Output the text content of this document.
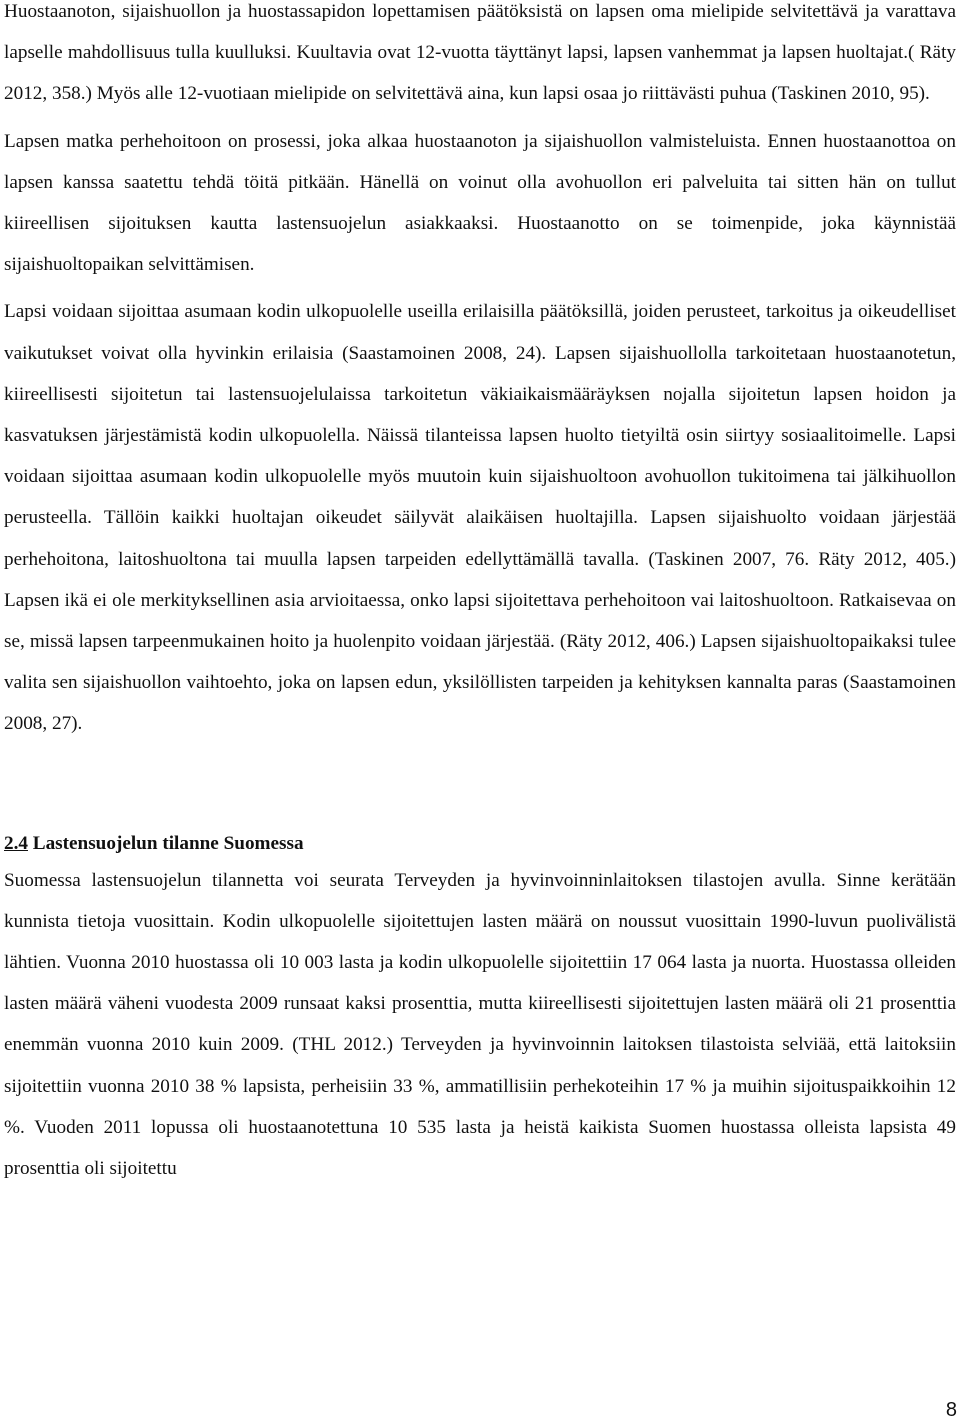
Huostaanoton, sijaishuollon ja huostassapidon lopettamisen päätöksistä on lapsen oma mielipide selvitettävä ja varattava lapselle mahdollisuus tulla kuulluksi. Kuultavia ovat 12-vuotta täyttänyt lapsi, lapsen vanhemmat ja lapsen huoltajat.( Räty 2012, 358.) Myös alle 12-vuotiaan mielipide on selvitettävä aina, kun lapsi osaa jo riittävästi puhua (Taskinen 2010, 95).

Lapsen matka perhehoitoon on prosessi, joka alkaa huostaanoton ja sijaishuollon valmisteluista. Ennen huostaanottoa on lapsen kanssa saatettu tehdä töitä pitkään. Hänellä on voinut olla avohuollon eri palveluita tai sitten hän on tullut kiireellisen sijoituksen kautta lastensuojelun asiakkaaksi. Huostaanotto on se toimenpide, joka käynnistää sijaishuoltopaikan selvittämisen.

Lapsi voidaan sijoittaa asumaan kodin ulkopuolelle useilla erilaisilla päätöksillä, joiden perusteet, tarkoitus ja oikeudelliset vaikutukset voivat olla hyvinkin erilaisia (Saastamoinen 2008, 24). Lapsen sijaishuollolla tarkoitetaan huostaanotetun, kiireellisesti sijoitetun tai lastensuojelulaissa tarkoitetun väkiaikaismääräyksen nojalla sijoitetun lapsen hoidon ja kasvatuksen järjestämistä kodin ulkopuolella. Näissä tilanteissa lapsen huolto tietyiltä osin siirtyy sosiaalitoimelle. Lapsi voidaan sijoittaa asumaan kodin ulkopuolelle myös muutoin kuin sijaishuoltoon avohuollon tukitoimena tai jälkihuollon perusteella. Tällöin kaikki huoltajan oikeudet säilyvät alaikäisen huoltajilla. Lapsen sijaishuolto voidaan järjestää perhehoitona, laitoshuoltona tai muulla lapsen tarpeiden edellyttämällä tavalla. (Taskinen 2007, 76. Räty 2012, 405.) Lapsen ikä ei ole merkityksellinen asia arvioitaessa, onko lapsi sijoitettava perhehoitoon vai laitoshuoltoon. Ratkaisevaa on se, missä lapsen tarpeenmukainen hoito ja huolenpito voidaan järjestää. (Räty 2012, 406.) Lapsen sijaishuoltopaikaksi tulee valita sen sijaishuollon vaihtoehto, joka on lapsen edun, yksilöllisten tarpeiden ja kehityksen kannalta paras (Saastamoinen 2008, 27).

2.4 Lastensuojelun tilanne Suomessa

Suomessa lastensuojelun tilannetta voi seurata Terveyden ja hyvinvoinninlaitoksen tilastojen avulla. Sinne kerätään kunnista tietoja vuosittain. Kodin ulkopuolelle sijoitettujen lasten määrä on noussut vuosittain 1990-luvun puolivälistä lähtien. Vuonna 2010 huostassa oli 10 003 lasta ja kodin ulkopuolelle sijoitettiin 17 064 lasta ja nuorta. Huostassa olleiden lasten määrä väheni vuodesta 2009 runsaat kaksi prosenttia, mutta kiireellisesti sijoitettujen lasten määrä oli 21 prosenttia enemmän vuonna 2010 kuin 2009. (THL 2012.) Terveyden ja hyvinvoinnin laitoksen tilastoista selviää, että laitoksiin sijoitettiin vuonna 2010 38 % lapsista, perheisiin 33 %, ammatillisiin perhekoteihin 17 % ja muihin sijoituspaikkoihin 12 %. Vuoden 2011 lopussa oli huostaanotettuna 10 535 lasta ja heistä kaikista Suomen huostassa olleista lapsista 49 prosenttia oli sijoitettu

8
